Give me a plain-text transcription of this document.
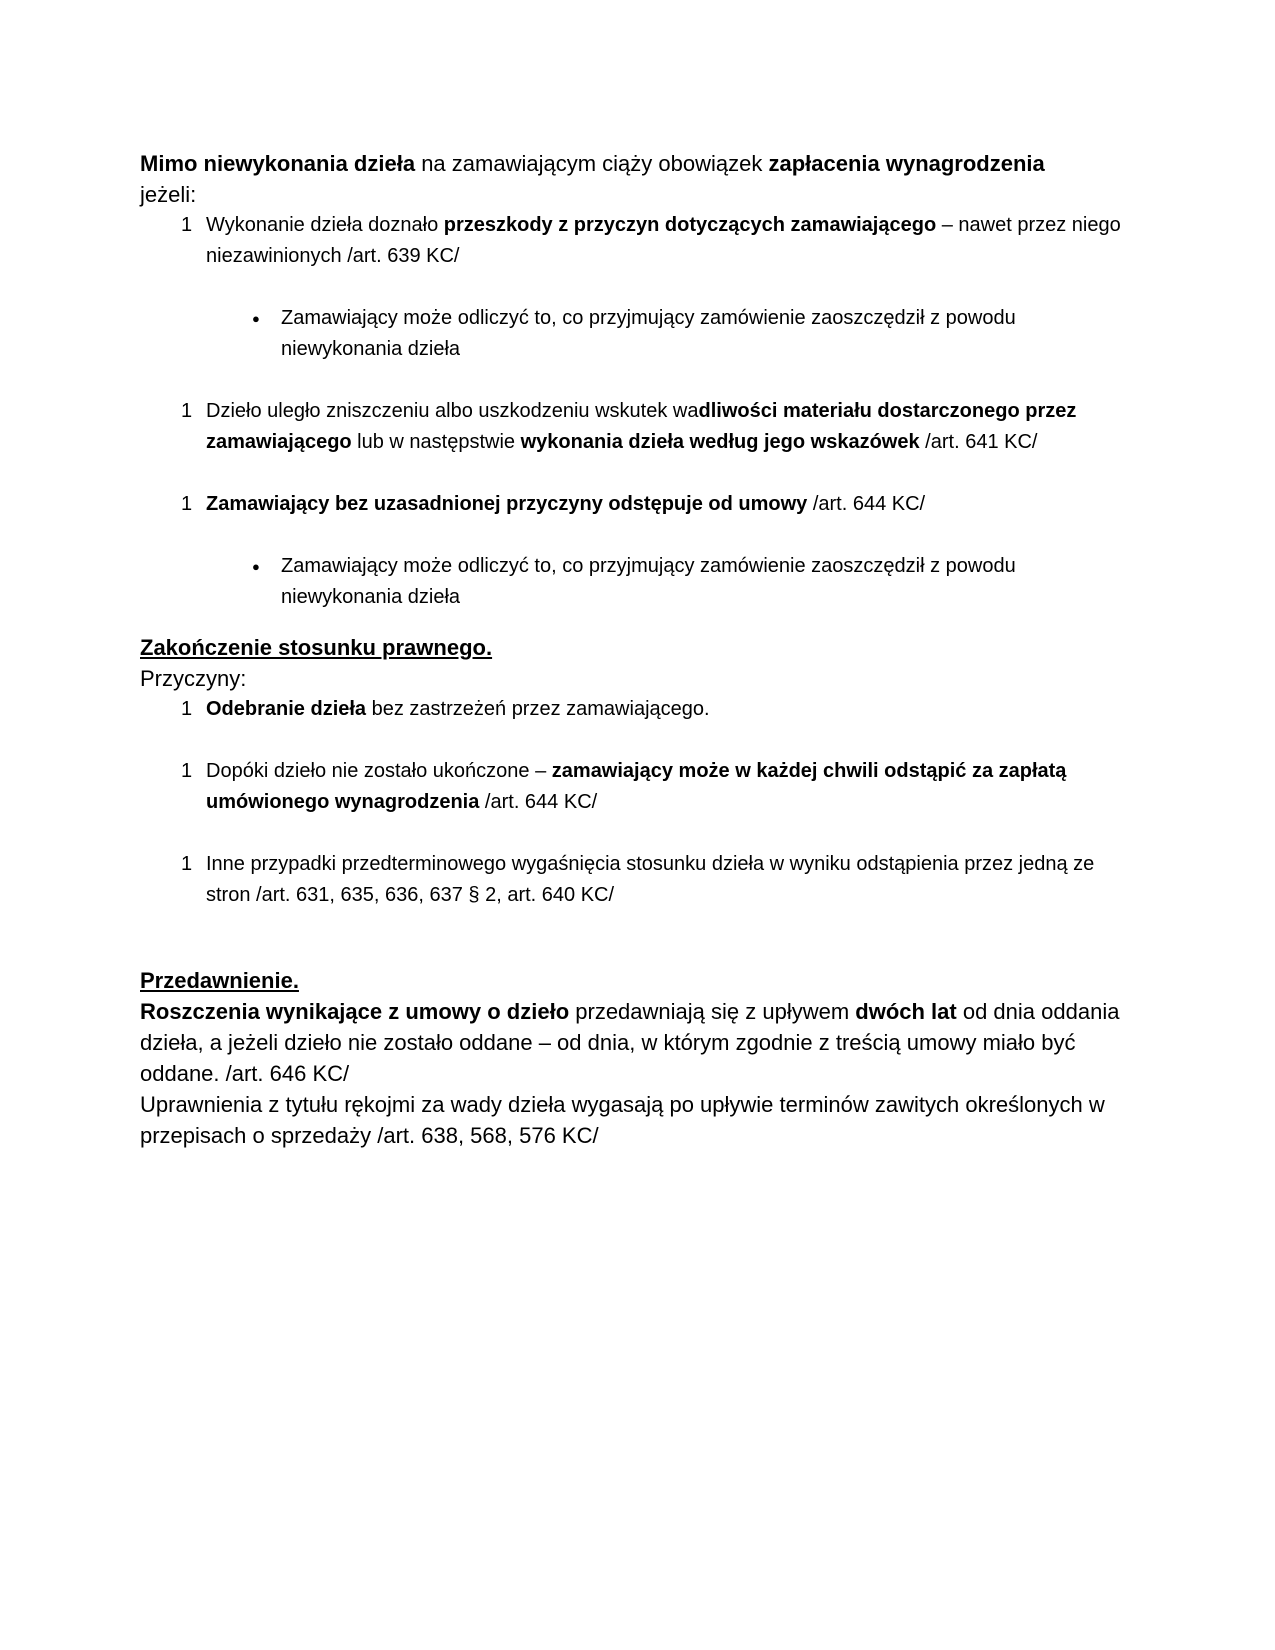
Mimo niewykonania dzieła na zamawiającym ciąży obowiązek zapłacenia wynagrodzenia

jeżeli:

1 Wykonanie dzieła doznało przeszkody z przyczyn dotyczących zamawiającego – nawet przez niego niezawinionych /art. 639 KC/
● Zamawiający może odliczyć to, co przyjmujący zamówienie zaoszczędził z powodu niewykonania dzieła
1 Dzieło uległo zniszczeniu albo uszkodzeniu wskutek wadliwości materiału dostarczonego przez zamawiającego lub w następstwie wykonania dzieła według jego wskazówek /art. 641 KC/
1 Zamawiający bez uzasadnionej przyczyny odstępuje od umowy /art. 644 KC/
● Zamawiający może odliczyć to, co przyjmujący zamówienie zaoszczędził z powodu niewykonania dzieła

Zakończenie stosunku prawnego.

Przyczyny:

1 Odebranie dzieła bez zastrzeżeń przez zamawiającego.
1 Dopóki dzieło nie zostało ukończone – zamawiający może w każdej chwili odstąpić za zapłatą umówionego wynagrodzenia /art. 644 KC/
1 Inne przypadki przedterminowego wygaśnięcia stosunku dzieła w wyniku odstąpienia przez jedną ze stron /art. 631, 635, 636, 637 § 2, art. 640 KC/

Przedawnienie.

Roszczenia wynikające z umowy o dzieło przedawniają się z upływem dwóch lat od dnia oddania dzieła, a jeżeli dzieło nie zostało oddane – od dnia, w którym zgodnie z treścią umowy miało być oddane. /art. 646 KC/

Uprawnienia z tytułu rękojmi za wady dzieła wygasają po upływie terminów zawitych określonych w przepisach o sprzedaży /art. 638, 568, 576 KC/
